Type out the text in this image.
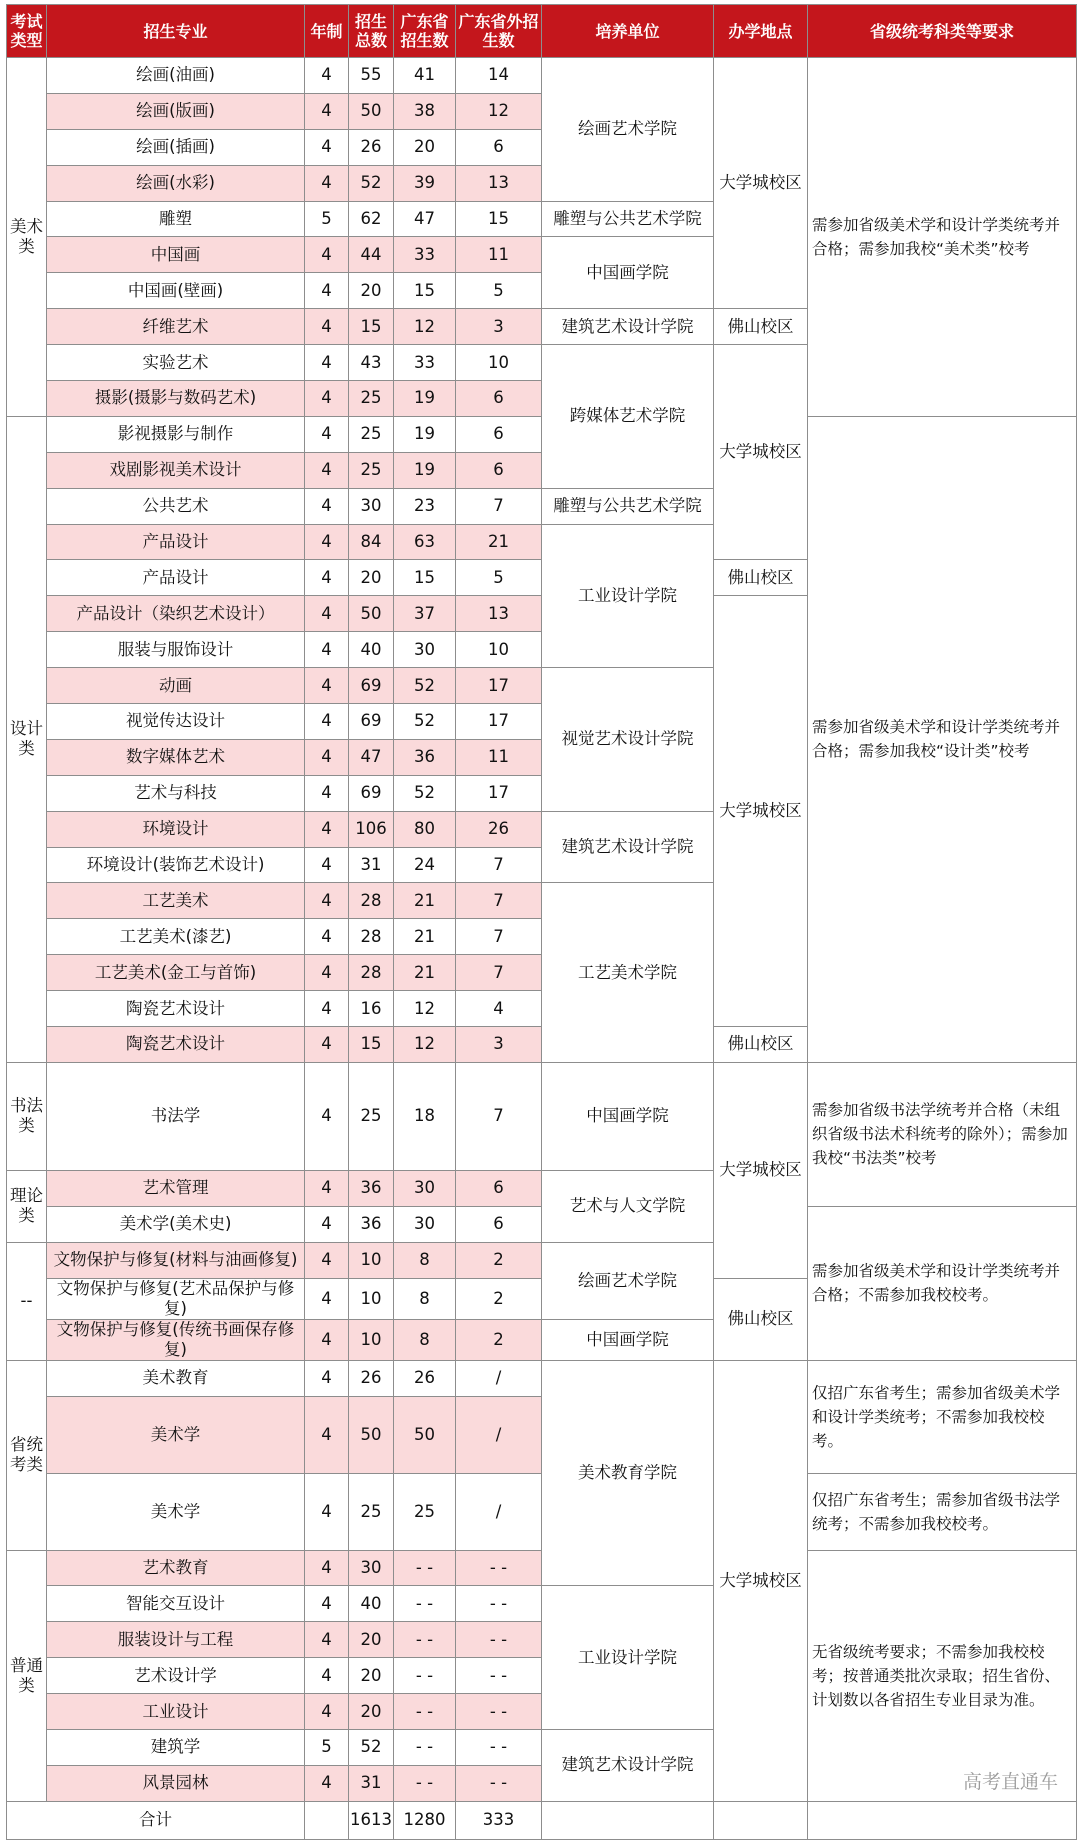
考试类型	招生专业	年制	招生总数	广东省招生数	广东省外招生数	培养单位	办学地点	省级统考科类等要求
美术类	绘画(油画)	4	55	41	14	绘画艺术学院	大学城校区	需参加省级美术学和设计学类统考并合格；需参加我校“美术类”校考
	绘画(版画)	4	50	38	12			
	绘画(插画)	4	26	20	6			
	绘画(水彩)	4	52	39	13			
	雕塑	5	62	47	15	雕塑与公共艺术学院		
	中国画	4	44	33	11	中国画学院		
	中国画(壁画)	4	20	15	5			
	纤维艺术	4	15	12	3	建筑艺术设计学院	佛山校区	
	实验艺术	4	43	33	10	跨媒体艺术学院	大学城校区	
	摄影(摄影与数码艺术)	4	25	19	6			
设计类	影视摄影与制作	4	25	19	6			需参加省级美术学和设计学类统考并合格；需参加我校“设计类”校考
	戏剧影视美术设计	4	25	19	6			
	公共艺术	4	30	23	7	雕塑与公共艺术学院		
	产品设计	4	84	63	21	工业设计学院		
	产品设计	4	20	15	5		佛山校区	
	产品设计（染织艺术设计）	4	50	37	13		大学城校区	
	服装与服饰设计	4	40	30	10			
	动画	4	69	52	17	视觉艺术设计学院		
	视觉传达设计	4	69	52	17			
	数字媒体艺术	4	47	36	11			
	艺术与科技	4	69	52	17			
	环境设计	4	106	80	26	建筑艺术设计学院		
	环境设计(装饰艺术设计)	4	31	24	7			
	工艺美术	4	28	21	7	工艺美术学院		
	工艺美术(漆艺)	4	28	21	7			
	工艺美术(金工与首饰)	4	28	21	7			
	陶瓷艺术设计	4	16	12	4			
	陶瓷艺术设计	4	15	12	3		佛山校区	
书法类	书法学	4	25	18	7	中国画学院	大学城校区	需参加省级书法学统考并合格（未组织省级书法术科统考的除外）；需参加我校“书法类”校考
理论类	艺术管理	4	36	30	6	艺术与人文学院		
	美术学(美术史)	4	36	30	6			需参加省级美术学和设计学类统考并合格；不需参加我校校考。
--	文物保护与修复(材料与油画修复)	4	10	8	2	绘画艺术学院		
	文物保护与修复(艺术品保护与修复)	4	10	8	2		佛山校区	
	文物保护与修复(传统书画保存修复)	4	10	8	2	中国画学院		
省统考类	美术教育	4	26	26	/	美术教育学院	大学城校区	仅招广东省考生；需参加省级美术学和设计学类统考；不需参加我校校考。
	美术学	4	50	50	/			
	美术学	4	25	25	/			仅招广东省考生；需参加省级书法学统考；不需参加我校校考。
普通类	艺术教育	4	30	- -	- -			无省级统考要求；不需参加我校校考；按普通类批次录取；招生省份、计划数以各省招生专业目录为准。
	智能交互设计	4	40	- -	- -	工业设计学院		
	服装设计与工程	4	20	- -	- -			
	艺术设计学	4	20	- -	- -			
	工业设计	4	20	- -	- -			
	建筑学	5	52	- -	- -	建筑艺术设计学院		
	风景园林	4	31	- -	- -			
合计			1613	1280	333			
高考直通车
